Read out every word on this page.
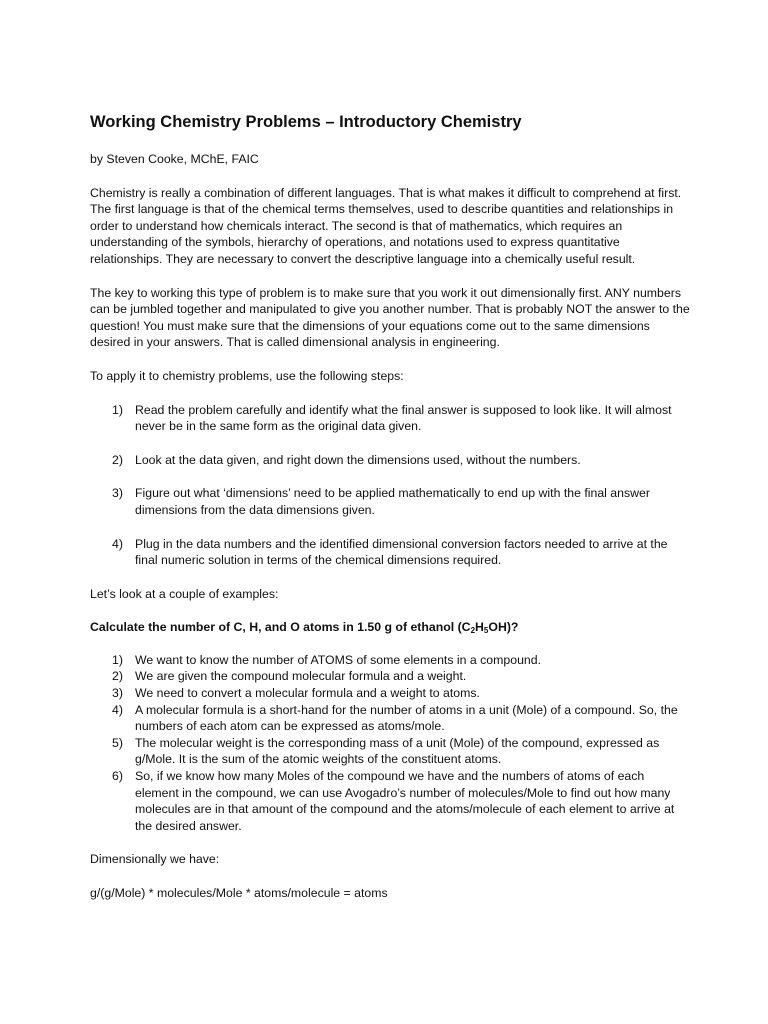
Working Chemistry Problems – Introductory Chemistry
by Steven Cooke, MChE, FAIC

Chemistry is really a combination of different languages. That is what makes it difficult to comprehend at first. The first language is that of the chemical terms themselves, used to describe quantities and relationships in order to understand how chemicals interact. The second is that of mathematics, which requires an understanding of the symbols, hierarchy of operations, and notations used to express quantitative relationships. They are necessary to convert the descriptive language into a chemically useful result.

The key to working this type of problem is to make sure that you work it out dimensionally first. ANY numbers can be jumbled together and manipulated to give you another number. That is probably NOT the answer to the question! You must make sure that the dimensions of your equations come out to the same dimensions desired in your answers. That is called dimensional analysis in engineering.

To apply it to chemistry problems, use the following steps:
1) Read the problem carefully and identify what the final answer is supposed to look like. It will almost never be in the same form as the original data given.
2) Look at the data given, and right down the dimensions used, without the numbers.
3) Figure out what ‘dimensions’ need to be applied mathematically to end up with the final answer dimensions from the data dimensions given.
4) Plug in the data numbers and the identified dimensional conversion factors needed to arrive at the final numeric solution in terms of the chemical dimensions required.
Let’s look at a couple of examples:
Calculate the number of C, H, and O atoms in 1.50 g of ethanol $(C_2H_5OH)$?
1) We want to know the number of ATOMS of some elements in a compound.
2) We are given the compound molecular formula and a weight.
3) We need to convert a molecular formula and a weight to atoms.
4) A molecular formula is a short-hand for the number of atoms in a unit (Mole) of a compound. So, the numbers of each atom can be expressed as atoms/mole.
5) The molecular weight is the corresponding mass of a unit (Mole) of the compound, expressed as g/Mole. It is the sum of the atomic weights of the constituent atoms.
6) So, if we know how many Moles of the compound we have and the numbers of atoms of each element in the compound, we can use Avogadro’s number of molecules/Mole to find out how many molecules are in that amount of the compound and the atoms/molecule of each element to arrive at the desired answer.
Dimensionally we have:
g/(g/Mole) * molecules/Mole * atoms/molecule = atoms
